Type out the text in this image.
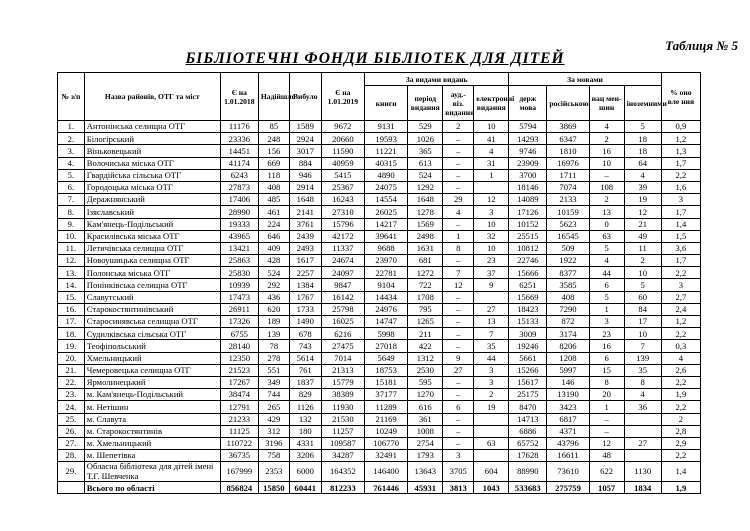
Таблиця № 5
БІБЛІОТЕЧНІ ФОНДИ БІБЛІОТЕК ДЛЯ ДІТЕЙ
№ з/п	Назва районів, ОТГ та міст	Є на 1.01.2018	Надійшло	Вибуло	Є на 1.01.2019	За видами видань				За мовами				% оно вле ння
						книги	період видання	ауд.-віз. видання	електронні видання	держ мова	російською	нац мен-шин	іноземними	
1.	Антонінська селищна ОТГ	11176	85	1589	9672	9131	529	2	10	5794	3869	4	5	0,9
2.	Білогірський	23336	248	2924	20660	19593	1026	–	41	14293	6347	2	18	1,2
3.	Віньковецький	14451	156	3017	11590	11221	365	–	4	9746	1810	16	18	1,3
4.	Волочиська міська ОТГ	41174	669	884	40959	40315	613	–	31	23909	16976	10	64	1,7
5.	Гвардійська сільська ОТГ	6243	118	946	5415	4890	524	–	1	3700	1711	–	4	2,2
6.	Городоцька міська ОТГ	27873	408	2914	25367	24075	1292	–		18146	7074	108	39	1,6
7.	Деражнянський	17406	485	1648	16243	14554	1648	29	12	14089	2133	2	19	3
8.	Ізяславський	28990	461	2141	27310	26025	1278	4	3	17126	10159	13	12	1,7
9.	Кам'янець-Подільський	19333	224	3761	15796	14217	1569	–	10	10152	5623	0	21	1,4
10.	Красилівська міська ОТГ	43965	646	2439	42172	39641	2498	1	32	25515	16545	63	49	1,5
11.	Летичівська селищна ОТГ	13421	409	2493	11337	9688	1631	8	10	10812	509	5	11	3,6
12.	Новоушицька селищна ОТГ	25863	428	1617	24674	23970	681	–	23	22746	1922	4	2	1,7
13.	Полонська міська ОТГ	25830	524	2257	24097	22781	1272	7	37	15666	8377	44	10	2,2
14.	Понінківська селищна ОТГ	10939	292	1384	9847	9104	722	12	9	6251	3585	6	5	3
15.	Славутський	17473	436	1767	16142	14434	1708	–		15669	408	5	60	2,7
16.	Старокостянтинівський	26911	620	1733	25798	24976	795	–	27	18423	7290	1	84	2,4
17.	Старосинявська селищна ОТГ	17326	189	1490	16025	14747	1265	–	13	15133	872	3	17	1,2
18.	Судилківська сільська ОТГ	6755	139	678	6216	5998	211	–	7	3009	3174	23	10	2,2
19.	Теофіпольський	28140	78	743	27475	27018	422	–	35	19246	8206	16	7	0,3
20.	Хмельницький	12350	278	5614	7014	5649	1312	9	44	5661	1208	6	139	4
21.	Чемеровецька селищна ОТГ	21523	551	761	21313	18753	2530	27	3	15266	5997	15	35	2,6
22.	Ярмолинецький	17267	349	1837	15779	15181	595	–	3	15617	146	8	8	2,2
23.	м. Кам'янець-Подільський	38474	744	829	38389	37177	1270	–	2	25175	13190	20	4	1,9
24.	м. Нетішин	12791	265	1126	11930	11289	616	6	19	8470	3423	1	36	2,2
25.	м. Славута	21233	429	132	21530	21169	361	–		14713	6817	–		2
26.	м. Старокостянтинів	11125	312	180	11257	10249	1008	–		6886	4371	–		2,8
27.	м. Хмельницький	110722	3196	4331	109587	106770	2754	–	63	65752	43796	12	27	2,9
28.	м. Шепетівка	36735	758	3206	34287	32491	1793	3		17628	16611	48		2,2
29.	Обласна бібліотека для дітей імені Т.Г. Шевченка	167999	2353	6000	164352	146400	13643	3705	604	88990	73610	622	1130	1,4
	Всього по області	856824	15850	60441	812233	761446	45931	3813	1043	533683	275759	1057	1834	1,9
